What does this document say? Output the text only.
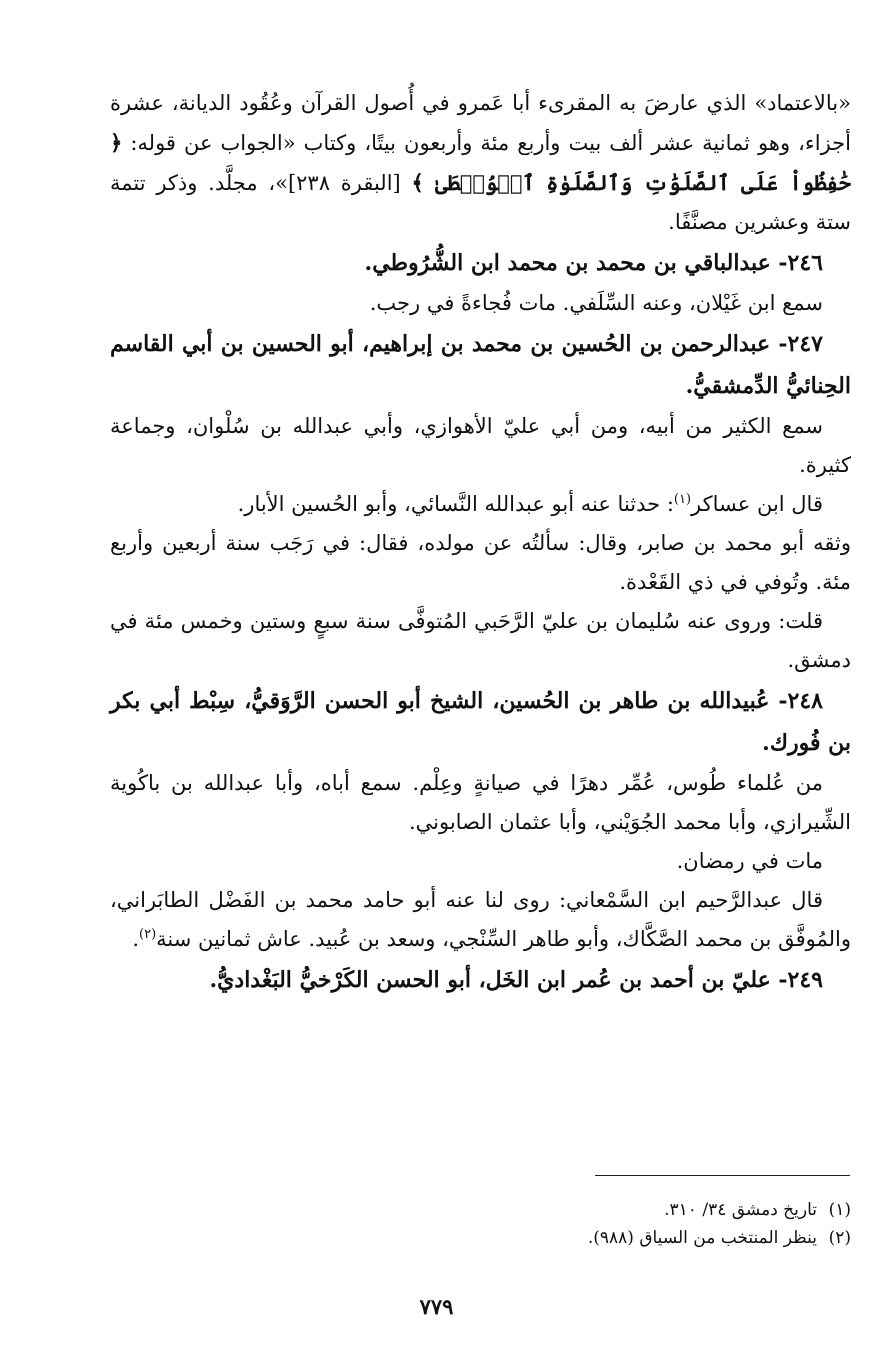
«بالاعتماد» الذي عارضَ به المقرىء أبا عَمرو في أُصول القرآن وعُقُود الديانة، عشرة أجزاء، وهو ثمانية عشر ألف بيت وأربع مئة وأربعون بيتًا، وكتاب «الجواب عن قوله: ﴿ حَٰفِظُواْ عَلَى ٱلصَّلَوَٰتِ وَٱلصَّلَوٰةِ ٱلۡوُسۡطَىٰ ﴾ [البقرة ٢٣٨]»، مجلَّد. وذكر تتمة ستة وعشرين مصنَّفًا.

٢٤٦- عبدالباقي بن محمد بن محمد ابن الشُّرُوطي.

سمع ابن غَيْلان، وعنه السِّلَفي. مات فُجاءةً في رجب.

٢٤٧- عبدالرحمن بن الحُسين بن محمد بن إبراهيم، أبو الحسين بن أبي القاسم الحِنائيُّ الدِّمشقيُّ.

سمع الكثير من أبيه، ومن أبي عليّ الأهوازي، وأبي عبدالله بن سُلْوان، وجماعة كثيرة.

قال ابن عساكر$^{(١)}$: حدثنا عنه أبو عبدالله النَّسائي، وأبو الحُسين الأبار.

وثقه أبو محمد بن صابر، وقال: سألتُه عن مولده، فقال: في رَجَب سنة أربعين وأربع مئة. وتُوفي في ذي القَعْدة.

قلت: وروى عنه سُليمان بن عليّ الرَّحَبي المُتوفَّى سنة سبعٍ وستين وخمس مئة في دمشق.

٢٤٨- عُبيدالله بن طاهر بن الحُسين، الشيخ أبو الحسن الرَّوَقيُّ، سِبْط أبي بكر بن فُورك.

من عُلماء طُوس، عُمِّر دهرًا في صيانةٍ وعِلْم. سمع أباه، وأبا عبدالله بن باكُوية الشِّيرازي، وأبا محمد الجُوَيْني، وأبا عثمان الصابوني.

مات في رمضان.

قال عبدالرَّحيم ابن السَّمْعاني: روى لنا عنه أبو حامد محمد بن الفَضْل الطابَراني، والمُوفَّق بن محمد الصَّكَّاك، وأبو طاهر السِّنْجي، وسعد بن عُبيد. عاش ثمانين سنة$^{(٢)}$.

٢٤٩- عليّ بن أحمد بن عُمر ابن الخَل، أبو الحسن الكَرْخيُّ البَغْداديُّ.

(١)تاريخ دمشق ٣٤/ ٣١٠.

(٢)ينظر المنتخب من السياق (٩٨٨).

٧٧٩
